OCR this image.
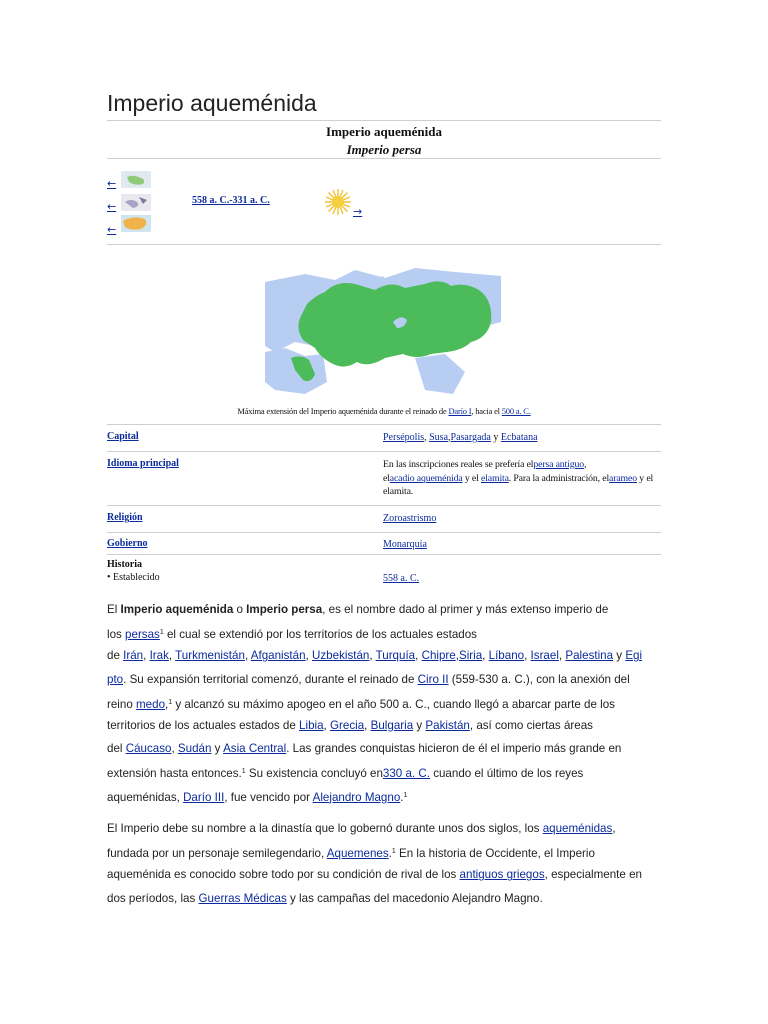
Imperio aqueménida
Imperio aqueménida
Imperio persa
←
←
←
558 a. C.-331 a. C.
→
Máxima extensión del Imperio aqueménida durante el reinado de Darío I, hacia el 500 a. C.
Capital	Persépolis, Susa,Pasargada y Ecbatana
Idioma principal	En las inscripciones reales se prefería elpersa antiguo,
elacadio aqueménida y el elamita. Para la administración, elarameo y el elamita.
Religión	Zoroastrismo
Gobierno	Monarquía
Historia
• Establecido	558 a. C.
El Imperio aqueménida o Imperio persa, es el nombre dado al primer y más extenso imperio de
los persas$^1$ el cual se extendió por los territorios de los actuales estados
de Irán, Irak, Turkmenistán, Afganistán, Uzbekistán, Turquía, Chipre,Siria, Líbano, Israel, Palestina y Egi
pto. Su expansión territorial comenzó, durante el reinado de Ciro II (559-530 a. C.), con la anexión del
reino medo,$^1$ y alcanzó su máximo apogeo en el año 500 a. C., cuando llegó a abarcar parte de los
territorios de los actuales estados de Libia, Grecia, Bulgaria y Pakistán, así como ciertas áreas
del Cáucaso, Sudán y Asia Central. Las grandes conquistas hicieron de él el imperio más grande en
extensión hasta entonces.$^1$ Su existencia concluyó en330 a. C. cuando el último de los reyes
aqueménidas, Darío III, fue vencido por Alejandro Magno.$^1$
El Imperio debe su nombre a la dinastía que lo gobernó durante unos dos siglos, los aqueménidas,
fundada por un personaje semilegendario, Aquemenes.$^1$ En la historia de Occidente, el Imperio
aqueménida es conocido sobre todo por su condición de rival de los antiguos griegos, especialmente en
dos períodos, las Guerras Médicas y las campañas del macedonio Alejandro Magno.
